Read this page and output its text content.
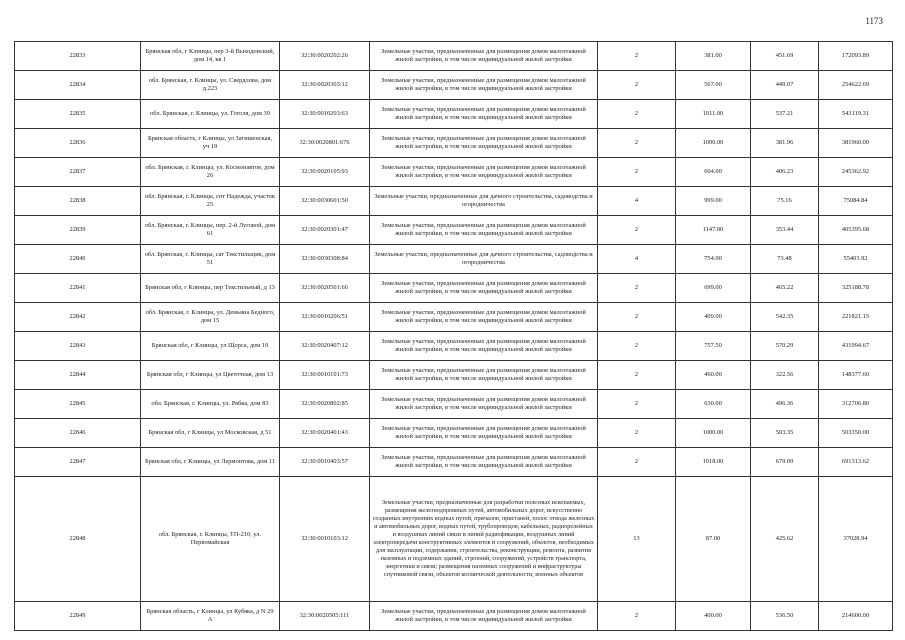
1173
22833	Брянская обл, г Клинцы, пер 3-й Выходонский, дом 14, кв 1	32:30:0020202:26	Земельные участки, предназначенные для размещения домов малоэтажной жилой застройки, в том числе индивидуальной жилой застройки	2	381.00	451.69	172093.89
22834	обл. Брянская, г. Клинцы, ул. Свердлова, дом д.223	32:30:0020303:12	Земельные участки, предназначенные для размещения домов малоэтажной жилой застройки, в том числе индивидуальной жилой застройки	2	567.00	449.07	254622.69
22835	обл. Брянская, г. Клинцы, ул. Гоголя, дом 39	32:30:0010203:63	Земельные участки, предназначенные для размещения домов малоэтажной жилой застройки, в том числе индивидуальной жилой застройки	2	1011.00	537.21	543119.31
22836	Брянская область, г Клинцы, ул Затишенская, уч 19	32:30:0020801:676	Земельные участки, предназначенные для размещения домов малоэтажной жилой застройки, в том числе индивидуальной жилой застройки	2	1000.00	381.96	381960.00
22837	обл. Брянская, г. Клинцы, ул. Космонавтов, дом 26	32:30:0020105:93	Земельные участки, предназначенные для размещения домов малоэтажной жилой застройки, в том числе индивидуальной жилой застройки	2	604.00	406.23	245362.92
22838	обл. Брянская, г. Клинцы, снт Надежда, участок 25	32:30:0030601:50	Земельные участки, предназначенные для дачного строительства, садоводства и огородничества	4	999.00	75.16	75084.84
22839	обл. Брянская, г. Клинцы, пер. 2-й Луговой, дом 61	32:30:0020301:47	Земельные участки, предназначенные для размещения домов малоэтажной жилой застройки, в том числе индивидуальной жилой застройки	2	1147.00	353.44	405395.68
22840	обл. Брянская, г. Клинцы, сат Текстильщик, дом 51	32:30:0030308:84	Земельные участки, предназначенные для дачного строительства, садоводства и огородничества	4	754.00	73.48	55403.92
22841	Брянская обл, г Клинцы, пер Текстильный, д 13	32:30:0020501:66	Земельные участки, предназначенные для размещения домов малоэтажной жилой застройки, в том числе индивидуальной жилой застройки	2	699.00	465.22	325188.78
22842	обл. Брянская, г. Клинцы, ул. Демьяна Бедного, дом 15	32:30:0010206:51	Земельные участки, предназначенные для размещения домов малоэтажной жилой застройки, в том числе индивидуальной жилой застройки	2	409.00	542.35	221821.15
22843	Брянская обл, г Клинцы, ул Щорса, дом 19	32:30:0020407:12	Земельные участки, предназначенные для размещения домов малоэтажной жилой застройки, в том числе индивидуальной жилой застройки	2	757.50	570.29	431994.67
22844	Брянская обл, г Клинцы, ул Цветочная, дом 13	32:30:0010101:73	Земельные участки, предназначенные для размещения домов малоэтажной жилой застройки, в том числе индивидуальной жилой застройки	2	460.00	322.56	148377.60
22845	обл. Брянская, г. Клинцы, ул. Рябка, дом 83	32:30:0020802:85	Земельные участки, предназначенные для размещения домов малоэтажной жилой застройки, в том числе индивидуальной жилой застройки	2	630.00	496.36	312706.80
22846	Брянская обл, г Клинцы, ул Московская, д 51	32:30:0020401:43	Земельные участки, предназначенные для размещения домов малоэтажной жилой застройки, в том числе индивидуальной жилой застройки	2	1000.00	503.35	503350.00
22847	Брянская обл, г Клинцы, ул Лермонтова, дом 11	32:30:0010403:57	Земельные участки, предназначенные для размещения домов малоэтажной жилой застройки, в том числе индивидуальной жилой застройки	2	1018.00	679.09	691313.62
22848	обл. Брянская, г. Клинцы, ТП-210, ул. Первомайская	32:30:0010103:12	Земельные участки, предназначенные для разработки полезных ископаемых, размещения железнодорожных путей, автомобильных дорог, искусственно созданных внутренних водных путей, причалов, пристаней, полос отвода железных и автомобильных дорог, водных путей, трубопроводов, кабельных, радиорелейных и воздушных линий связи и линий радиофикации, воздушных линий электропередачи конструктивных элементов и сооружений, объектов, необходимых для эксплуатации, содержания, строительства, реконструкции, ремонта, развития наземных и подземных зданий, строений, сооружений, устройств транспорта, энергетики и связи; размещения наземных сооружений и инфраструктуры спутниковой связи, объектов космической деятельности, военных объектов	13	87.00	425.62	37028.94
22849	Брянская область, г Клинцы, ул Кубяка, д N 29 А	32:30:0020505:111	Земельные участки, предназначенные для размещения домов малоэтажной жилой застройки, в том числе индивидуальной жилой застройки	2	400.00	536.50	214600.00
